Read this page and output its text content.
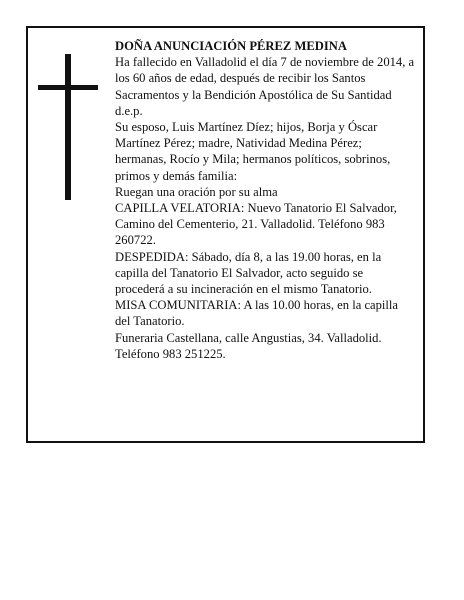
DOÑA ANUNCIACIÓN PÉREZ MEDINA

Ha fallecido en Valladolid el día 7 de noviembre de 2014, a los 60 años de edad, después de recibir los Santos Sacramentos y la Bendición Apostólica de Su Santidad

d.e.p.

Su esposo, Luis Martínez Díez; hijos, Borja y Óscar Martínez Pérez; madre, Natividad Medina Pérez; hermanas, Rocío y Mila; hermanos políticos, sobrinos, primos y demás familia:

Ruegan una oración por su alma

CAPILLA VELATORIA: Nuevo Tanatorio El Salvador, Camino del Cementerio, 21. Valladolid. Teléfono 983 260722.

DESPEDIDA: Sábado, día 8, a las 19.00 horas, en la capilla del Tanatorio El Salvador, acto seguido se procederá a su incineración en el mismo Tanatorio.

MISA COMUNITARIA: A las 10.00 horas, en la capilla del Tanatorio.

Funeraria Castellana, calle Angustias, 34. Valladolid. Teléfono 983 251225.
